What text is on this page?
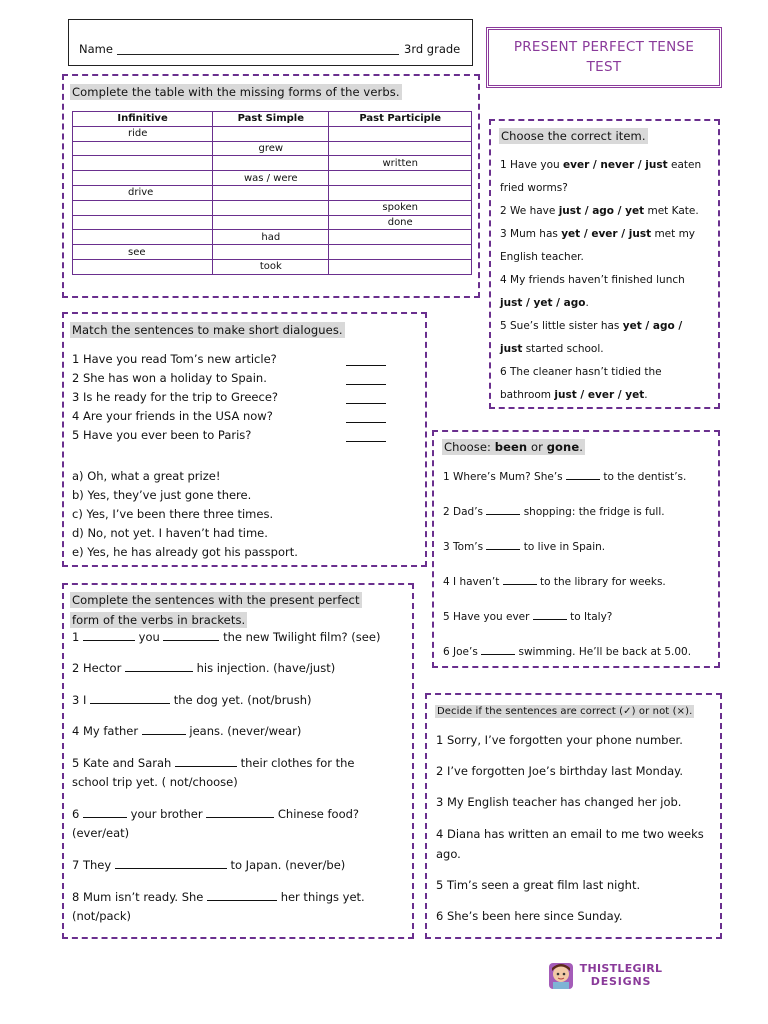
Name	3rd grade	PRESENT PERFECT TENSE
TEST
Complete the table with the missing forms of the verbs.
Infinitive	Past Simple	Past Participle
ride		
	grew	
		written
	was / were	
drive		
		spoken
		done
	had	
see		
	took	
Choose the correct item.
1 Have you ever / never / just eaten
fried worms?
2 We have just / ago / yet met Kate.
3 Mum has yet / ever / just met my
English teacher.
4 My friends haven’t finished lunch
just / yet / ago.
5 Sue’s little sister has yet / ago /
just started school.
6 The cleaner hasn’t tidied the
bathroom just / ever / yet.
Match the sentences to make short dialogues.
1 Have you read Tom’s new article?
2 She has won a holiday to Spain.
3 Is he ready for the trip to Greece?
4 Are your friends in the USA now?
5 Have you ever been to Paris?
a) Oh, what a great prize!
b) Yes, they’ve just gone there.
c) Yes, I’ve been there three times.
d) No, not yet. I haven’t had time.
e) Yes, he has already got his passport.
Choose: been or gone.
1 Where’s Mum? She’s	to the dentist’s.
2 Dad’s	shopping: the fridge is full.
3 Tom’s	to live in Spain.
4 I haven’t	to the library for weeks.
5 Have you ever	to Italy?
6 Joe’s	swimming. He’ll be back at 5.00.
Complete the sentences with the present perfect
form of the verbs in brackets.
1	you	the new Twilight film? (see)
2 Hector	his injection. (have/just)
3 I	the dog yet. (not/brush)
4 My father	jeans. (never/wear)
5 Kate and Sarah	their clothes for the
school trip yet. ( not/choose)
6	your brother	Chinese food?
(ever/eat)
7 They	to Japan. (never/be)
8 Mum isn’t ready. She	her things yet.
(not/pack)
Decide if the sentences are correct (✓) or not (×).
1 Sorry, I’ve forgotten your phone number.
2 I’ve forgotten Joe’s birthday last Monday.
3 My English teacher has changed her job.
4 Diana has written an email to me two weeks
ago.
5 Tim’s seen a great film last night.
6 She’s been here since Sunday.
THISTLEGIRL
DESIGNS
